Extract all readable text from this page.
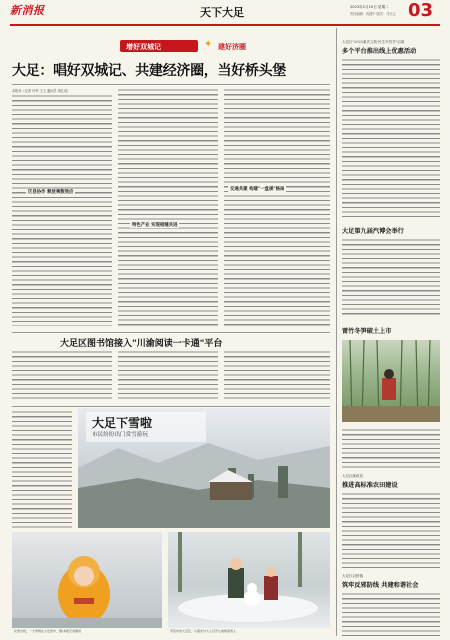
新消报	天下大足	2023年1月10日 星期二
责任编辑：冉建中 版式：马天云 03
增好双城记	✦ 建好济圈
大足：唱好双城记、共建经济圈，当好桥头堡
本报讯（记者 叶军 王文 通讯员 冉红成）
区县协作 释放乘数效应
特色产业 实现相辅共进
交通共建 构建"一盘棋"格局
大足区"2023重庆文旅·民生年货节"启幕
多个平台推出线上优惠活动
大足第九届汽博会举行
雷竹冬笋破土上市
大足区邮政局
推进高标准农田建设
大足区双桥镇
筑牢反邪防线 共建和谐社会
大足区图书馆接入"川渝阅读一卡通"平台
大足下雪啦
市民纷纷出门赏雪游玩
化雪出玩，一大男孩在大足雪中，图/本报记者提供	雪景中的大足区，小朋友与大人们开心地堆着雪人
